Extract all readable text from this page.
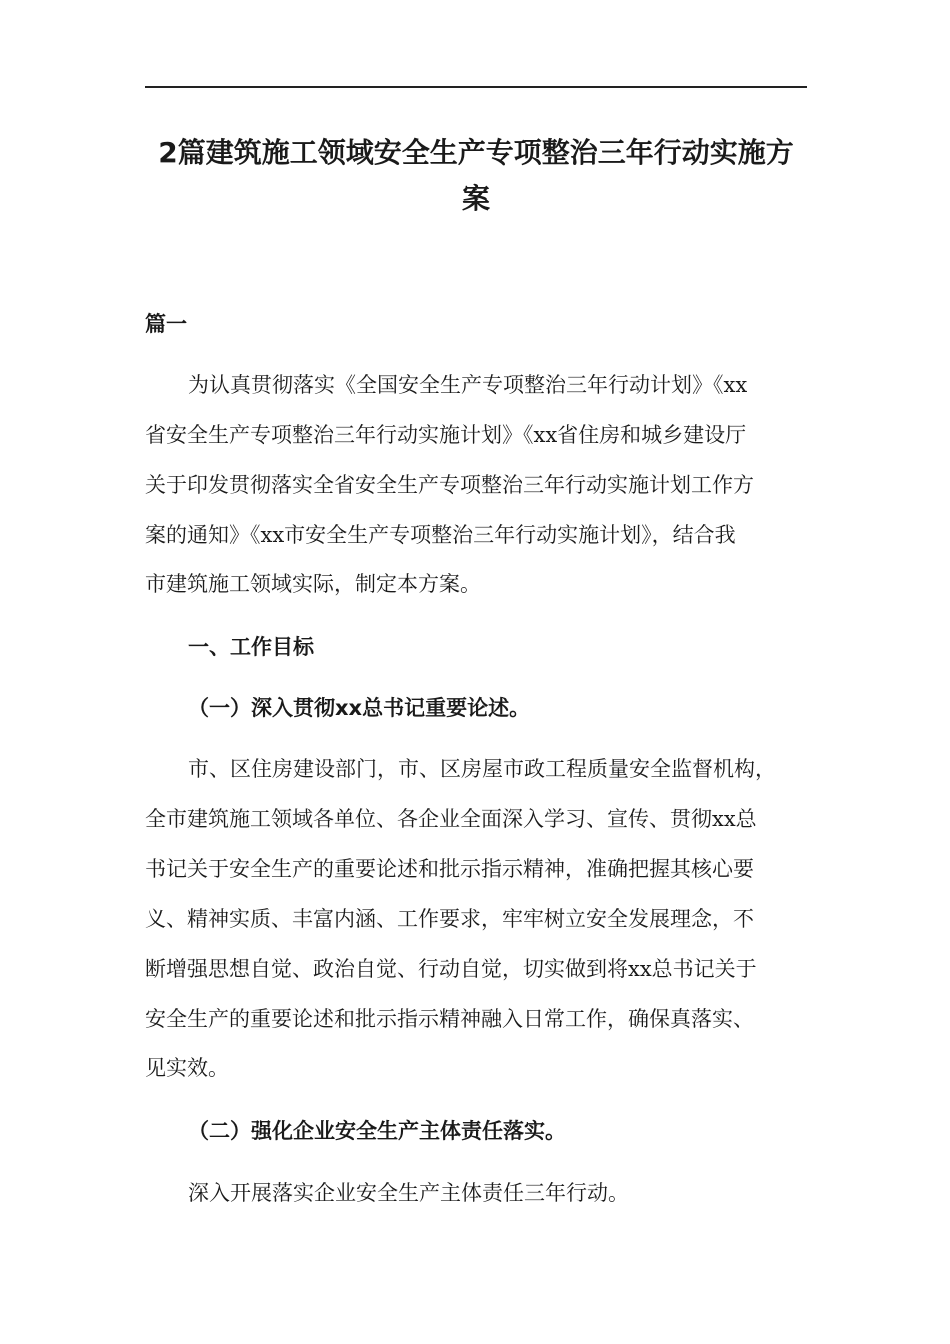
2篇建筑施工领域安全生产专项整治三年行动实施方
案

篇一

为认真贯彻落实《全国安全生产专项整治三年行动计划》《xx

省安全生产专项整治三年行动实施计划》《xx省住房和城乡建设厅

关于印发贯彻落实全省安全生产专项整治三年行动实施计划工作方

案的通知》《xx市安全生产专项整治三年行动实施计划》，结合我

市建筑施工领域实际，制定本方案。

一、工作目标

（一）深入贯彻xx总书记重要论述。

市、区住房建设部门，市、区房屋市政工程质量安全监督机构，

全市建筑施工领域各单位、各企业全面深入学习、宣传、贯彻xx总

书记关于安全生产的重要论述和批示指示精神，准确把握其核心要

义、精神实质、丰富内涵、工作要求，牢牢树立安全发展理念，不

断增强思想自觉、政治自觉、行动自觉，切实做到将xx总书记关于

安全生产的重要论述和批示指示精神融入日常工作，确保真落实、

见实效。

（二）强化企业安全生产主体责任落实。

深入开展落实企业安全生产主体责任三年行动。
